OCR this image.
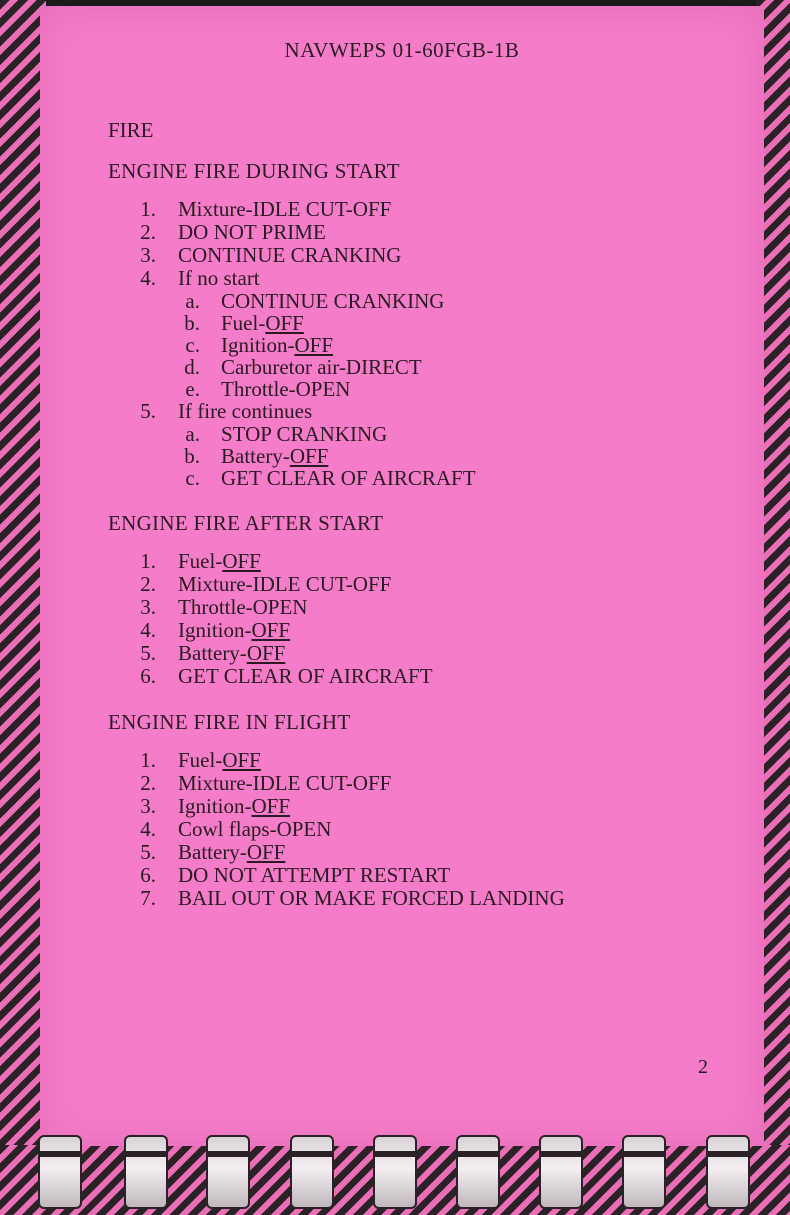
NAVWEPS 01-60FGB-1B
FIRE
ENGINE FIRE DURING START
1.	Mixture-IDLE CUT-OFF
2.	DO NOT PRIME
3.	CONTINUE CRANKING
4.	If no start
a.	CONTINUE CRANKING
b.	Fuel-OFF
c.	Ignition-OFF
d.	Carburetor air-DIRECT
e.	Throttle-OPEN
5.	If fire continues
a.	STOP CRANKING
b.	Battery-OFF
c.	GET CLEAR OF AIRCRAFT
ENGINE FIRE AFTER START
1.	Fuel-OFF
2.	Mixture-IDLE CUT-OFF
3.	Throttle-OPEN
4.	Ignition-OFF
5.	Battery-OFF
6.	GET CLEAR OF AIRCRAFT
ENGINE FIRE IN FLIGHT
1.	Fuel-OFF
2.	Mixture-IDLE CUT-OFF
3.	Ignition-OFF
4.	Cowl flaps-OPEN
5.	Battery-OFF
6.	DO NOT ATTEMPT RESTART
7.	BAIL OUT OR MAKE FORCED LANDING
2
